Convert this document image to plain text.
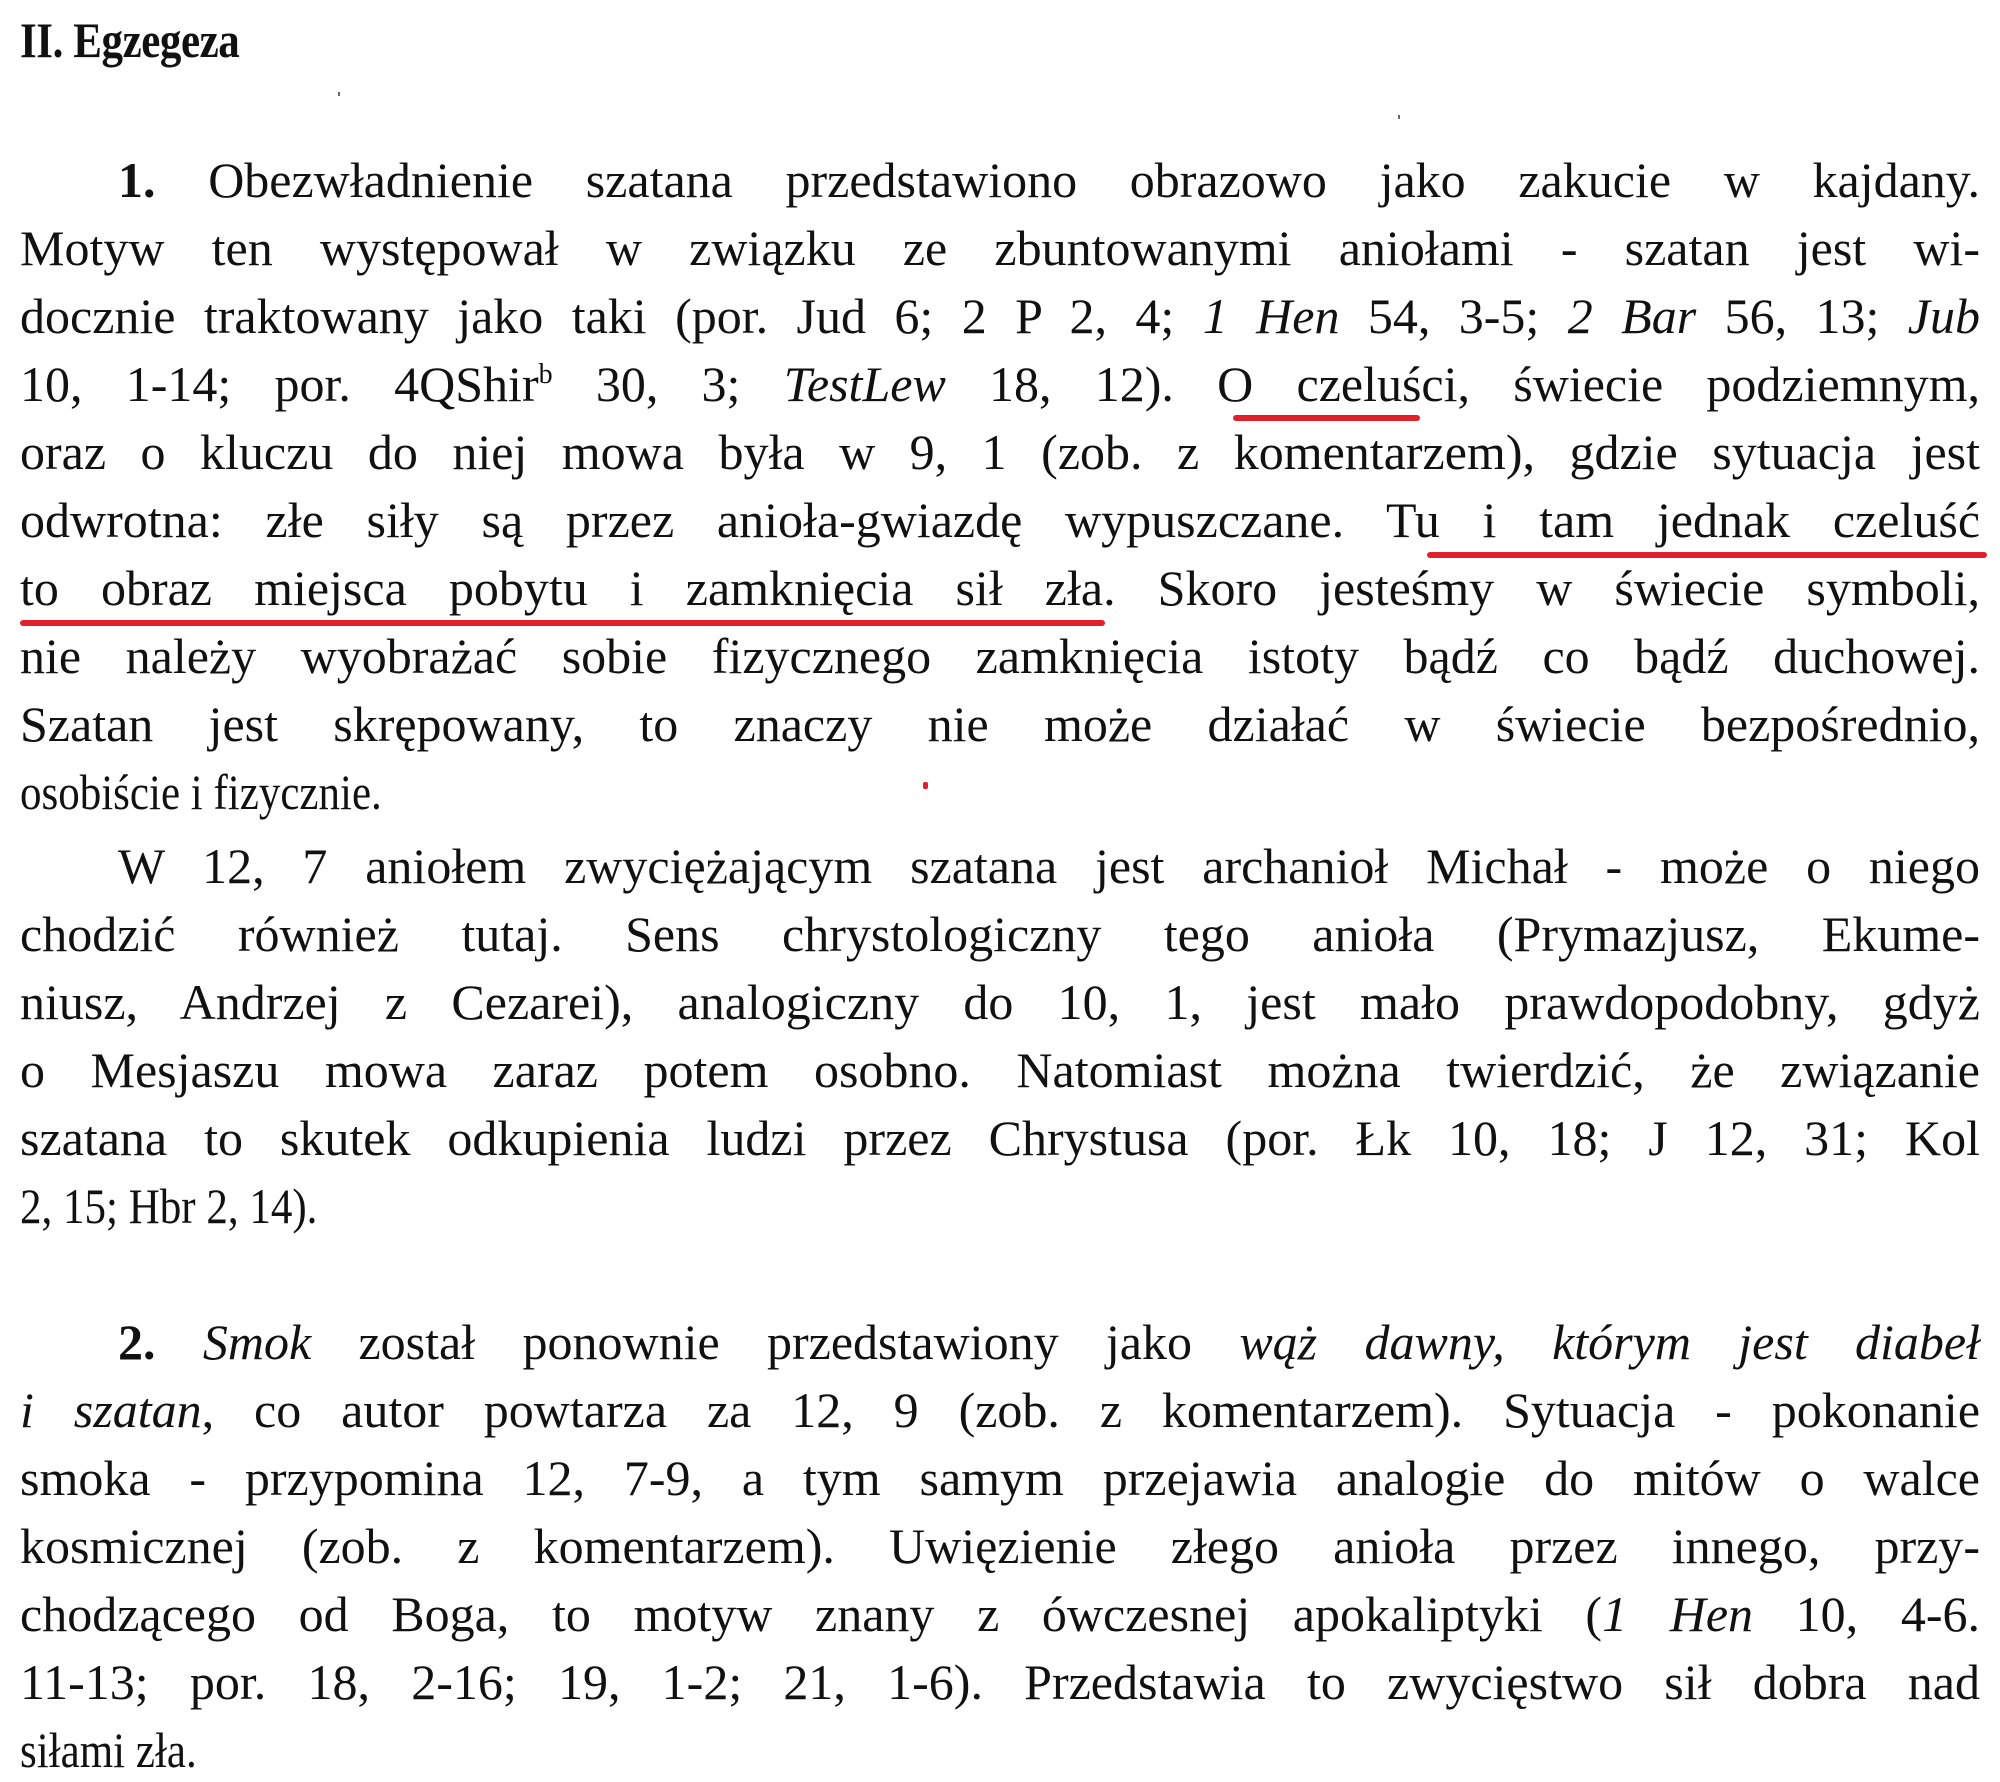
II. Egzegeza
1. Obezwładnienie szatana przedstawiono obrazowo jako zakucie w kajdany.
Motyw ten występował w związku ze zbuntowanymi aniołami - szatan jest wi-
docznie traktowany jako taki (por. Jud 6; 2 P 2, 4; 1 Hen 54, 3-5; 2 Bar 56, 13; Jub
10, 1-14; por. 4QShir$^b$ 30, 3; TestLew 18, 12). O czeluści, świecie podziemnym,
oraz o kluczu do niej mowa była w 9, 1 (zob. z komentarzem), gdzie sytuacja jest
odwrotna: złe siły są przez anioła-gwiazdę wypuszczane. Tu i tam jednak czeluść
to obraz miejsca pobytu i zamknięcia sił zła. Skoro jesteśmy w świecie symboli,
nie należy wyobrażać sobie fizycznego zamknięcia istoty bądź co bądź duchowej.
Szatan jest skrępowany, to znaczy nie może działać w świecie bezpośrednio,
osobiście i fizycznie.
W 12, 7 aniołem zwyciężającym szatana jest archanioł Michał - może o niego
chodzić również tutaj. Sens chrystologiczny tego anioła (Prymazjusz, Ekume-
niusz, Andrzej z Cezarei), analogiczny do 10, 1, jest mało prawdopodobny, gdyż
o Mesjaszu mowa zaraz potem osobno. Natomiast można twierdzić, że związanie
szatana to skutek odkupienia ludzi przez Chrystusa (por. Łk 10, 18; J 12, 31; Kol
2, 15; Hbr 2, 14).
2. Smok został ponownie przedstawiony jako wąż dawny, którym jest diabeł
i szatan, co autor powtarza za 12, 9 (zob. z komentarzem). Sytuacja - pokonanie
smoka - przypomina 12, 7-9, a tym samym przejawia analogie do mitów o walce
kosmicznej (zob. z komentarzem). Uwięzienie złego anioła przez innego, przy-
chodzącego od Boga, to motyw znany z ówczesnej apokaliptyki (1 Hen 10, 4-6.
11-13; por. 18, 2-16; 19, 1-2; 21, 1-6). Przedstawia to zwycięstwo sił dobra nad
siłami zła.
